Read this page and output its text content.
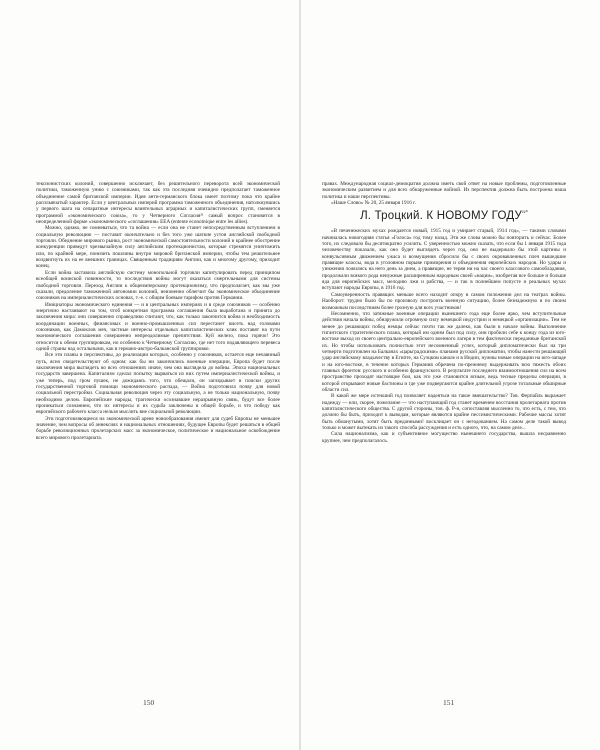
тексионистских колоний, совершенно исключает, без решительного переворота всей экономической политики, таможенную унию с союзниками, так как эта последняя очевидно предполагает таможенное объединение самой британской империи. Идея анти-германского блока имеет поэтому пока что крайне расплывчатый характер. Если у центральных империй программа таможенного объединения, натолкнувшись у первого шага на сепаратные интересы влиятельных аграрных и капиталистических групп, сменяется программой «экономического союза», то у Четверного Согласия²¹ самый вопрос становится в неопределенной форме «экономического «соглашения» EEA (entente economique entre les allies).

Можно, однако, не сомневаться, что та война — если она не станет непосредственным вступлением в социальную революцию — поставит окончательно и без того уже шаткие устои английской свободной торговли. Обеднение мирового рынка, рост экономической самостоятельности колоний и крайнее обострение конкуренции приведут чрезвычайную силу английским протекционистам, которые стремятся уничтожить или, по крайней мере, понизить пошлины внутри мировой британской империи, чтобы тем решительнее воздвигнуть их на ее внешних границах. Священным традициям Англии, как и многому другому, приходит конец.

Если война заставила английскую систему монопольной торговли капитулировать перед принципом всеобщей воинской повинности, то последствия войны могут оказаться смертельными для системы свободной торговли. Переход Англии к общеимперскому протекционизму, что предполагает, как мы уже сказали, предоление таможенной автономии колоний, неизменно облегчит бы экономическое объединение союзников на империалистических основах, т.-е. с общим боевым тарифом против Германии.

Инициаторы экономического единения — и в центральных империях и в среде союзников — особенно энергично настаивают на том, чтоб конкретная программа соглашения была выработана и принята до заключения мира: они совершенно справедливо считают, что, как только закончится война и необходимость координации военных, финансовых и военно-промышленных сил перестанет висеть над головами союзников, как Дамоклов меч, частные интересы отдельных капиталистических клик поставят на пути экономического соглашения совершенно непреодолимые препятствия. Куй железо, пока горячо! Это относится к обеим группировкам, но особенно к Четверному Согласию, где нет того подавляющего перевеса одной страны над остальными, как в германо-австро-балканской группировке.

Все эти планы и перспективы, до реализации которых, особенно у союзников, остается еще нечаянный путь, ясно свидетельствуют об одном: как бы ни закончились военные операции, Европа будет после заключения мира выглядеть во всех отношениях иначе, чем она выглядела до войны. Эпоха национальных государств завершена. Капитализм сделал попытку вырваться из них путем империалистической войны, и уже теперь, под гром пушек, не дожидаясь того, что обещали, он заглядывает в поиски других государственной торговой помощи экономического распада, — Война подготовила почву для новой социальной перестройки. Социальная революция через эту социальную, а не только национальную, почву необходимо делом. Европейские народы, трагически осознавшие неразрывную связь, будут все более проникаться сознанием, что их интересы и их судьба заключены в общей борьбе, и что победу как европейского рабочего класса нельзя мыслить вне социальной революции.

Эти подготовляющиеся на экономической арене новообразования имеют для судеб Европы не меньшее значение, чем вопросы об аннексиях и национальных отношениях, будущее Европы будет решаться в общей борьбе революционных пролетарских масс за экономическое, политическое и национальное освобождение всего мирового пролетариата.

150

правах. Международная социал-демократия должна иметь свой ответ на новые проблемы, подготовленные экономическим развитием и для всех обнаруженные войной. Из перспектив должна быть построена наша политика и наши перспективы.

«Наше Слово» № 20, 25 января 1916 г.

Л. Троцкий. К НОВОМУ $ГОДУ^{^{220}}$

«В печенежеских мухах рождается новый, 1915 год и умирает старый, 1914 год», — такими словами начиналась новогодняя статья «Голоса» год тому назад. Эти же слова можно бы повторить и сейчас. Более того, их следовало бы десятикратно усилить. С уверенностью можно сказать, что если бы 1 января 1915 года человечеству показали, как оно будет выглядеть через год, оно не выдержало бы этой картины и конвульсивным движением ужаса и возмущения сбросило бы с своих окровавленных плеч вышедшие правящие классы, вода в уголовном порыве примирения и объединения европейских народов. Но удары и унижения ложились на него день за днем, а правящие, не теряя ни на час своего классового самообладания, продолжали всякого рода ненужные расширенным народным своей «нации», изобретая все больше и больше яда для европейских масс, мелодию лжи и рабства, — и так в полнейшем попусте и реальных мухах вступают народы Европы, в 1916 год.

Самоуверенность правящих меньше всего находит опору в самом положении дел на театрах войны. Наоборот: трудно было бы по произволу построить военную ситуацию, более безнадежную и по своим возможным последствиям более грозную для всех участников!

Несомненно, что затяжные военные операции нынешнего года еще более ярко, чем вступительные действия начала войны, обнаружили огромную силу немецкой индустрии и немецкой «организации». Тем не менее до решающих побед немцы сейчас почти так же далеко, как были в начале войны. Выполнение гигантского стратегического плана, который им одним был под силу, они пробили себе к концу года из юго-востоке выход из своего центрально-европейского военного лагеря в тем фактически переданные британской их. Но чтобы использовать полностью этот несомненный успех, который дипломатически был на три четверти подготовлен на Балканах «царьградскими» планами русской дипломатии, чтобы нанести решающий удар английскому владычеству в Египте, на Суэцком канале и в Индии, нужны новые операции на юго-западе и на юго-востоке, в течение которых Германия обречена по-прежнему выдерживать всю тяжесть обоих главных фронтов: русского и особенно французского. В результате последнего взаимоотношения сил на всем пространстве проходят настоящие бои, как это уже становится ясным, ведь тесные пределы операции, в которой открывают новые бастионы и где уже подвергаются крайне длительной угрозе тотальные обширные области сил.

В какой же мере истекший год позволяет надеяться на такое вмешательство? Тов. Ферпайль выражает надежду — или, скорее, пожелание — что наступающий год станет временем восстания пролетариата против капиталистического общества. С другой стороны, тов. ф. Р-н, сопоставляя мысленно то, что есть, с тем, что должно бы быть, приходит к выводам, которые являются крайне пессимистическими. Рабочие массы хотят быть обманутыми, хотят быть преданными! восклицает он с негодованием. На самом деле такой вывод только и может вытекать из такого способа рассуждения и есть одного, что, на самом деле...

Сила национализма, как и субъективное могущество нынешнего государства, вышла несравненно крупнее, чем предполагалось.

151
